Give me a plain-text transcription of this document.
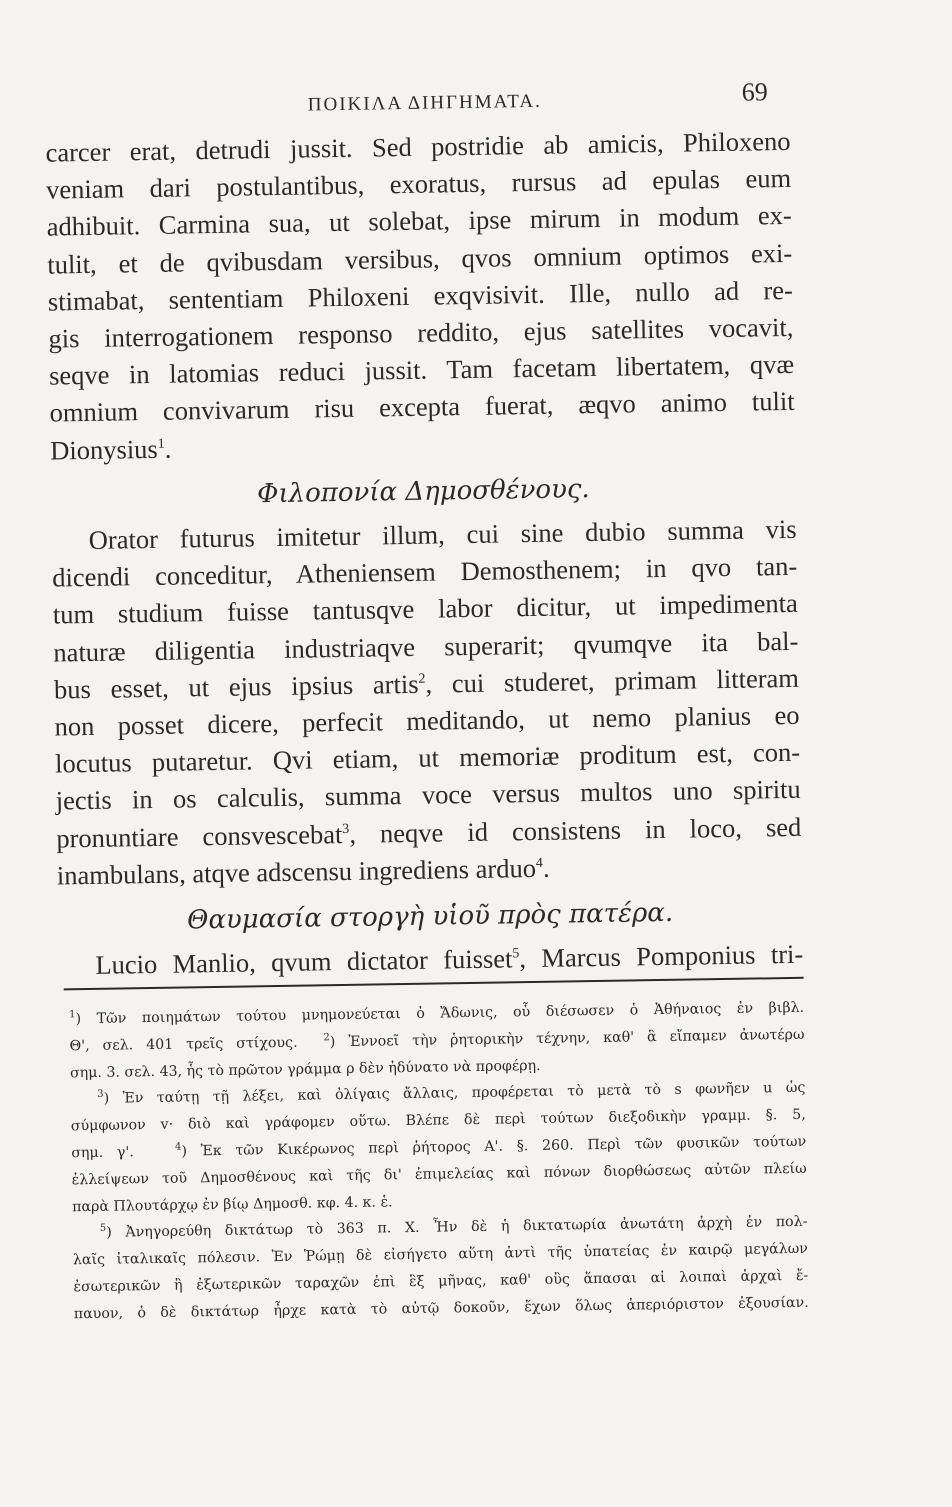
ΠΟΙΚΙΛΑ ΔΙΗΓΗΜΑΤΑ.	69

carcer erat, detrudi jussit. Sed postridie ab amicis, Philoxeno
veniam dari postulantibus, exoratus, rursus ad epulas eum
adhibuit. Carmina sua, ut solebat, ipse mirum in modum ex-
tulit, et de qvibusdam versibus, qvos omnium optimos exi-
stimabat, sententiam Philoxeni exqvisivit. Ille, nullo ad re-
gis interrogationem responso reddito, ejus satellites vocavit,
seqve in latomias reduci jussit. Tam facetam libertatem, qvæ
omnium convivarum risu excepta fuerat, æqvo animo tulit
Dionysius$^1$.

Φιλοπονία Δημοσθένους.

Orator futurus imitetur illum, cui sine dubio summa vis
dicendi conceditur, Atheniensem Demosthenem; in qvo tan-
tum studium fuisse tantusqve labor dicitur, ut impedimenta
naturæ diligentia industriaqve superarit; qvumqve ita bal-
bus esset, ut ejus ipsius artis$^2$, cui studeret, primam litteram
non posset dicere, perfecit meditando, ut nemo planius eo
locutus putaretur. Qvi etiam, ut memoriæ proditum est, con-
jectis in os calculis, summa voce versus multos uno spiritu
pronuntiare consvescebat$^3$, neqve id consistens in loco, sed
inambulans, atqve adscensu ingrediens arduo$^4$.

Θαυμασία στοργὴ υἱοῦ πρὸς πατέρα.

Lucio Manlio, qvum dictator fuisset$^5$, Marcus Pomponius tri-

$^1$) Τῶν ποιημάτων τούτου μνημονεύεται ὁ Ἄδωνις, οὗ διέσωσεν ὁ Ἀθήναιος ἐν βιβλ.
Θ', σελ. 401 τρεῖς στίχους.	$^2$) Ἐννοεῖ τὴν ῥητορικὴν τέχνην, καθ' ἃ εἴπαμεν ἀνωτέρω
σημ. 3. σελ. 43, ἧς τὸ πρῶτον γράμμα ρ δὲν ἠδύνατο νὰ προφέρῃ.
$^3$) Ἐν ταύτῃ τῇ λέξει, καὶ ὀλίγαις ἄλλαις, προφέρεται τὸ μετὰ τὸ s φωνῆεν u ὡς
σύμφωνον v· διὸ καὶ γράφομεν οὕτω. Βλέπε δὲ περὶ τούτων διεξοδικὴν γραμμ. §. 5,
σημ. γ'.	$^4$) Ἐκ τῶν Κικέρωνος περὶ ῥήτορος Α'. §. 260. Περὶ τῶν φυσικῶν τούτων
ἐλλείψεων τοῦ Δημοσθένους καὶ τῆς δι' ἐπιμελείας καὶ πόνων διορθώσεως αὐτῶν πλείω
παρὰ Πλουτάρχῳ ἐν βίῳ Δημοσθ. κφ. 4. κ. ἑ.
$^5$) Ἀνηγορεύθη δικτάτωρ τὸ 363 π. Χ. Ἦν δὲ ἡ δικτατωρία ἀνωτάτη ἀρχὴ ἐν πολ-
λαῖς ἰταλικαῖς πόλεσιν. Ἐν Ῥώμῃ δὲ εἰσήγετο αὕτη ἀντὶ τῆς ὑπατείας ἐν καιρῷ μεγάλων
ἐσωτερικῶν ἢ ἐξωτερικῶν ταραχῶν ἐπὶ ἓξ μῆνας, καθ' οὓς ἅπασαι αἱ λοιπαὶ ἀρχαὶ ἔ-
παυον, ὁ δὲ δικτάτωρ ἦρχε κατὰ τὸ αὐτῷ δοκοῦν, ἔχων ὅλως ἀπεριόριστον ἐξουσίαν.
